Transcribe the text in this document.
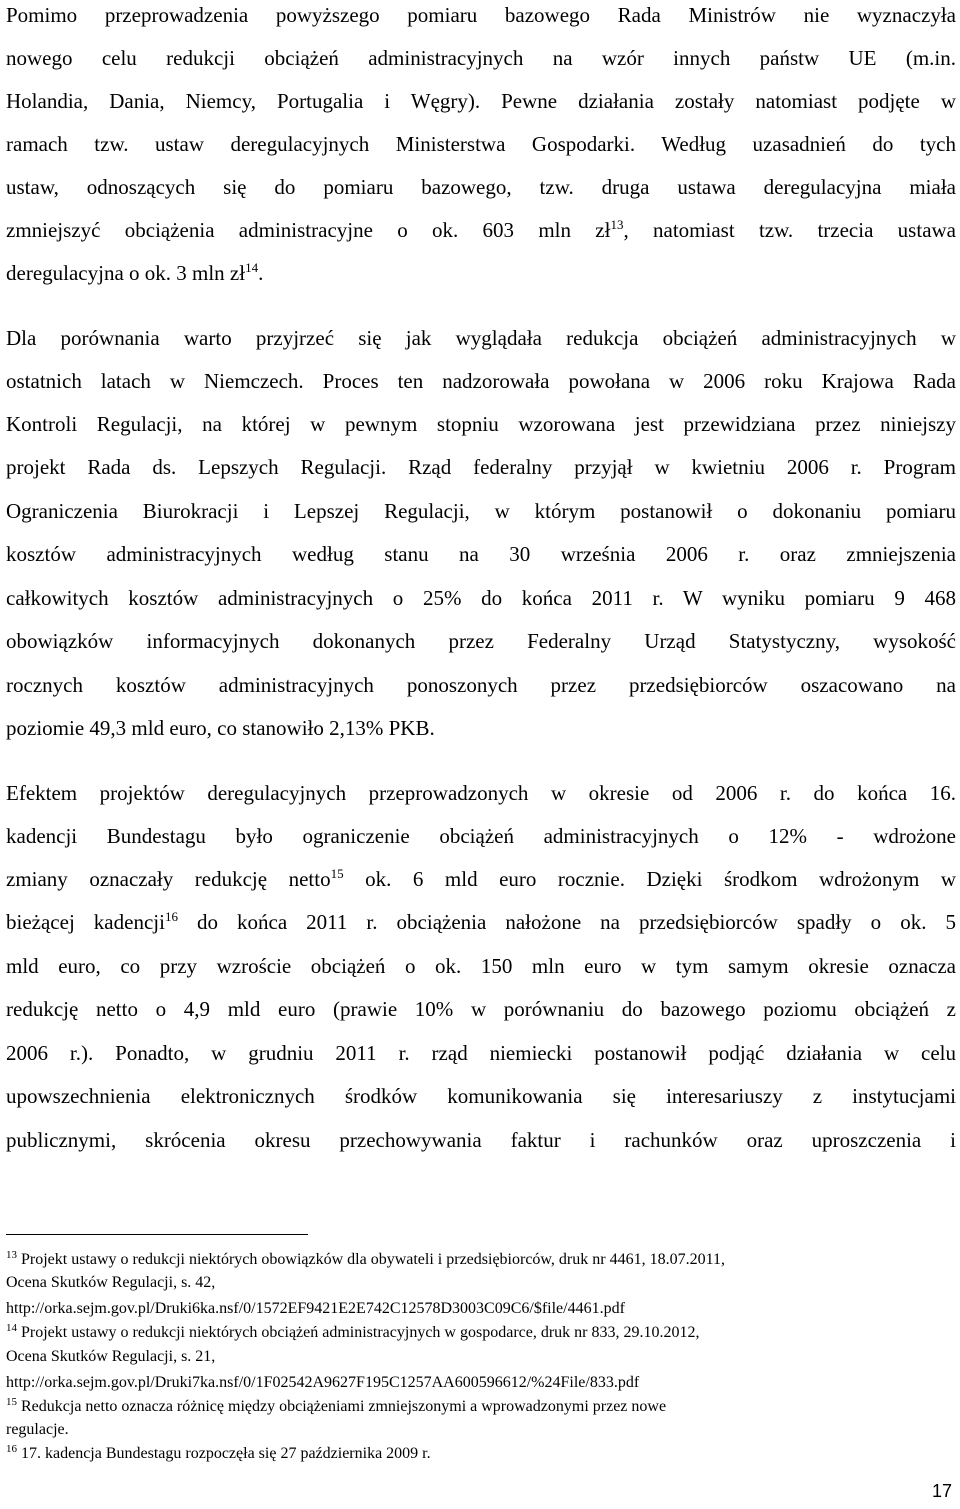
Pomimo przeprowadzenia powyższego pomiaru bazowego Rada Ministrów nie wyznaczyła
nowego celu redukcji obciążeń administracyjnych na wzór innych państw UE (m.in.
Holandia, Dania, Niemcy, Portugalia i Węgry). Pewne działania zostały natomiast podjęte w
ramach tzw. ustaw deregulacyjnych Ministerstwa Gospodarki. Według uzasadnień do tych
ustaw, odnoszących się do pomiaru bazowego, tzw. druga ustawa deregulacyjna miała
zmniejszyć obciążenia administracyjne o ok. 603 mln $zł^{13}$, natomiast tzw. trzecia ustawa
deregulacyjna o ok. 3 mln $zł^{14}$.
Dla porównania warto przyjrzeć się jak wyglądała redukcja obciążeń administracyjnych w
ostatnich latach w Niemczech. Proces ten nadzorowała powołana w 2006 roku Krajowa Rada
Kontroli Regulacji, na której w pewnym stopniu wzorowana jest przewidziana przez niniejszy
projekt Rada ds. Lepszych Regulacji. Rząd federalny przyjął w kwietniu 2006 r. Program
Ograniczenia Biurokracji i Lepszej Regulacji, w którym postanowił o dokonaniu pomiaru
kosztów administracyjnych według stanu na 30 września 2006 r. oraz zmniejszenia
całkowitych kosztów administracyjnych o 25% do końca 2011 r. W wyniku pomiaru 9 468
obowiązków informacyjnych dokonanych przez Federalny Urząd Statystyczny, wysokość
rocznych kosztów administracyjnych ponoszonych przez przedsiębiorców oszacowano na
poziomie 49,3 mld euro, co stanowiło 2,13% PKB.
Efektem projektów deregulacyjnych przeprowadzonych w okresie od 2006 r. do końca 16.
kadencji Bundestagu było ograniczenie obciążeń administracyjnych o 12% - wdrożone
zmiany oznaczały redukcję netto$^{15}$ ok. 6 mld euro rocznie. Dzięki środkom wdrożonym w
bieżącej kadencji$^{16}$ do końca 2011 r. obciążenia nałożone na przedsiębiorców spadły o ok. 5
mld euro, co przy wzroście obciążeń o ok. 150 mln euro w tym samym okresie oznacza
redukcję netto o 4,9 mld euro (prawie 10% w porównaniu do bazowego poziomu obciążeń z
2006 r.). Ponadto, w grudniu 2011 r. rząd niemiecki postanowił podjąć działania w celu
upowszechnienia elektronicznych środków komunikowania się interesariuszy z instytucjami
publicznymi, skrócenia okresu przechowywania faktur i rachunków oraz uproszczenia i
$^{13}$ Projekt ustawy o redukcji niektórych obowiązków dla obywateli i przedsiębiorców, druk nr 4461, 18.07.2011,
Ocena Skutków Regulacji, s. 42,
http://orka.sejm.gov.pl/Druki6ka.nsf/0/1572EF9421E2E742C12578D3003C09C6/$file/4461.pdf
$^{14}$ Projekt ustawy o redukcji niektórych obciążeń administracyjnych w gospodarce, druk nr 833, 29.10.2012,
Ocena Skutków Regulacji, s. 21,
http://orka.sejm.gov.pl/Druki7ka.nsf/0/1F02542A9627F195C1257AA600596612/%24File/833.pdf
$^{15}$ Redukcja netto oznacza różnicę między obciążeniami zmniejszonymi a wprowadzonymi przez nowe
regulacje.
$^{16}$ 17. kadencja Bundestagu rozpoczęła się 27 października 2009 r.
17
